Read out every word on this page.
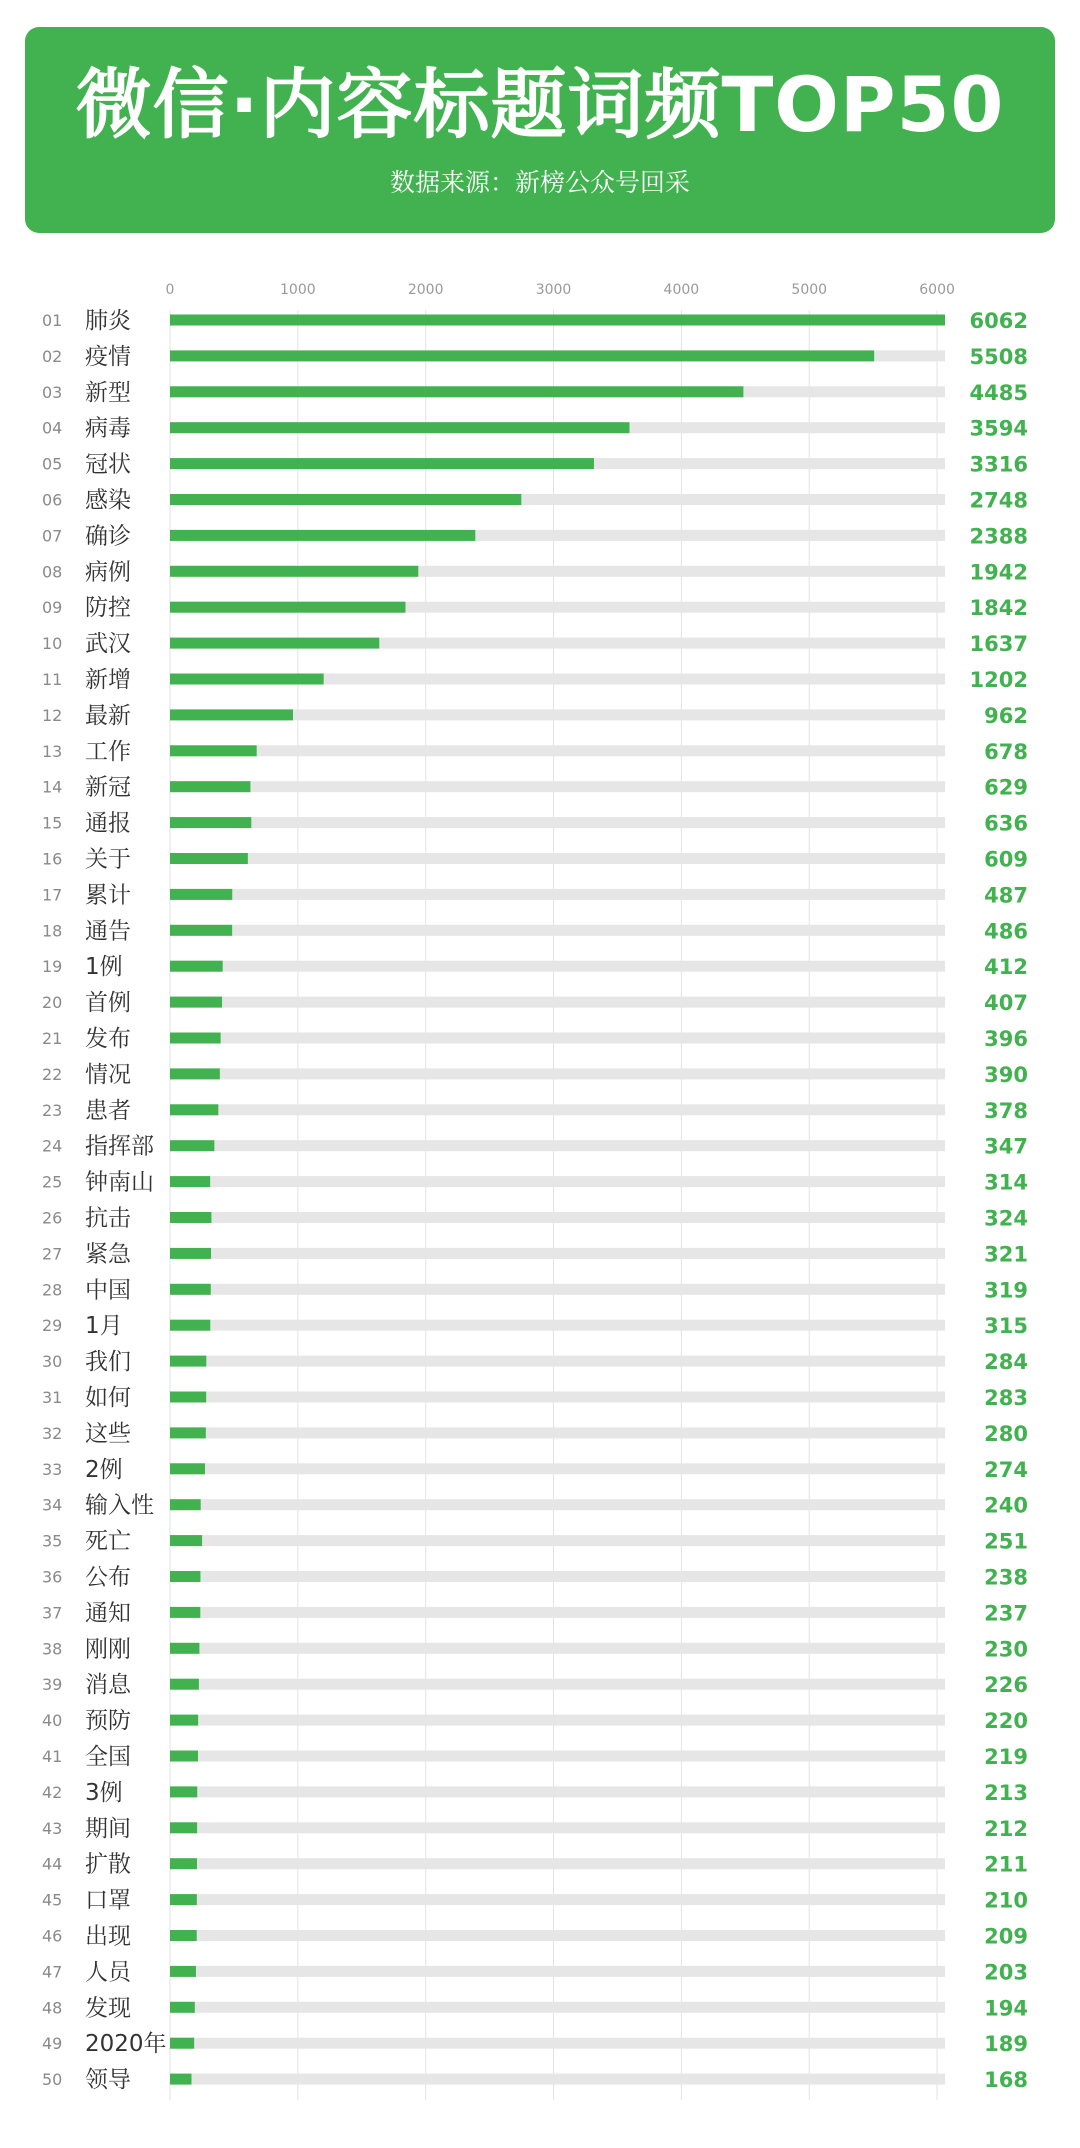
微信·内容标题词频TOP50
数据来源：新榜公众号回采
0	1000	2000	3000	4000	5000	6000
01 肺炎	6062
02 疫情	5508
03 新型	4485
04 病毒	3594
05 冠状	3316
06 感染	2748
07 确诊	2388
08 病例	1942
09 防控	1842
10 武汉	1637
11 新增	1202
12 最新	962
13 工作	678
14 新冠	629
15 通报	636
16 关于	609
17 累计	487
18 通告	486
19 1例	412
20 首例	407
21 发布	396
22 情况	390
23 患者	378
24 指挥部	347
25 钟南山	314
26 抗击	324
27 紧急	321
28 中国	319
29 1月	315
30 我们	284
31 如何	283
32 这些	280
33 2例	274
34 输入性	240
35 死亡	251
36 公布	238
37 通知	237
38 刚刚	230
39 消息	226
40 预防	220
41 全国	219
42 3例	213
43 期间	212
44 扩散	211
45 口罩	210
46 出现	209
47 人员	203
48 发现	194
49 2020年	189
50 领导	168
